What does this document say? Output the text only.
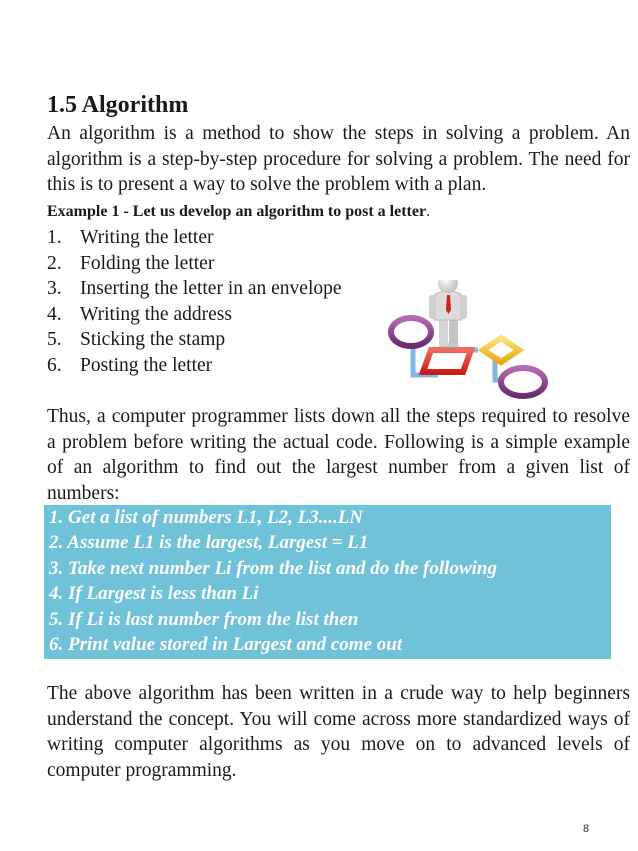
1.5 Algorithm
An algorithm is a method to show the steps in solving a problem. An algorithm is a step-by-step procedure for solving a problem. The need for this is to present a way to solve the problem with a plan.
Example 1 - Let us develop an algorithm to post a letter.
1. Writing the letter
2. Folding the letter
3. Inserting the letter in an envelope
4. Writing the address
5. Sticking the stamp
6. Posting the letter
Thus, a computer programmer lists down all the steps required to resolve a problem before writing the actual code. Following is a simple example of an algorithm to find out the largest number from a given list of numbers:
1. Get a list of numbers L1, L2, L3....LN
2. Assume L1 is the largest, Largest = L1
3. Take next number Li from the list and do the following
4. If Largest is less than Li
5. If Li is last number from the list then
6. Print value stored in Largest and come out
The above algorithm has been written in a crude way to help beginners understand the concept. You will come across more standardized ways of writing computer algorithms as you move on to advanced levels of computer programming.
8
